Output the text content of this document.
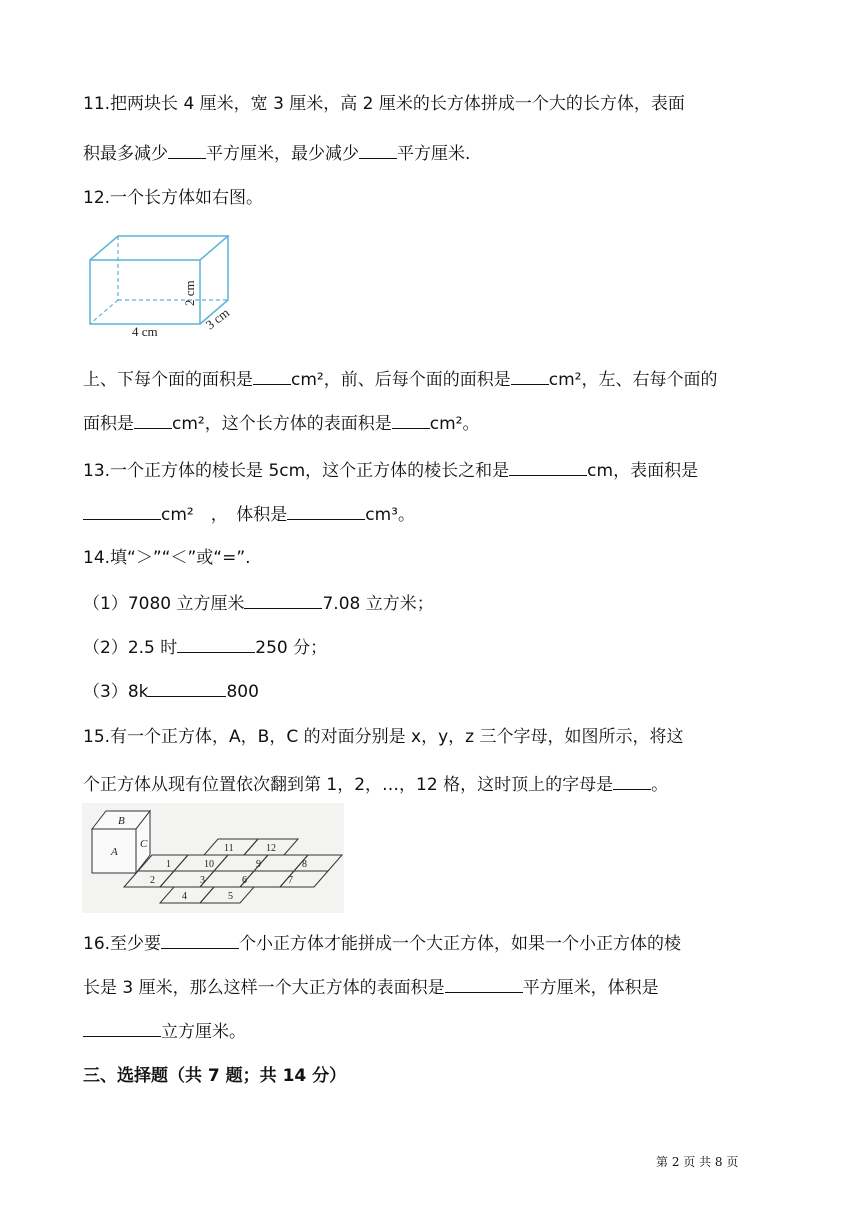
11.把两块长 4 厘米，宽 3 厘米，高 2 厘米的长方体拼成一个大的长方体，表面
积最多减少 平方厘米，最少减少 平方厘米.
12.一个长方体如右图。
4 cm
2 cm
3 cm
上、下每个面的面积是 cm²，前、后每个面的面积是 cm²，左、右每个面的
面积是 cm²，这个长方体的表面积是 cm²。
13.一个正方体的棱长是 5cm，这个正方体的棱长之和是	cm，表面积是
cm²　，　体积是	cm³。
14.填“＞”“＜”或“=”.
（1）7080 立方厘米	7.08 立方米；
（2）2.5 时	250 分；
（3）8k	800
15.有一个正方体，A，B，C 的对面分别是 x，y，z 三个字母，如图所示，将这
个正方体从现有位置依次翻到第 1，2，…，12 格，这时顶上的字母是 。
A
B
C
1
2	3
4	5
6	7
8
9
10
11	12
16.至少要	个小正方体才能拼成一个大正方体，如果一个小正方体的棱
长是 3 厘米，那么这样一个大正方体的表面积是	平方厘米，体积是
立方厘米。
三、选择题（共 7 题；共 14 分）
第 2 页 共 8 页
